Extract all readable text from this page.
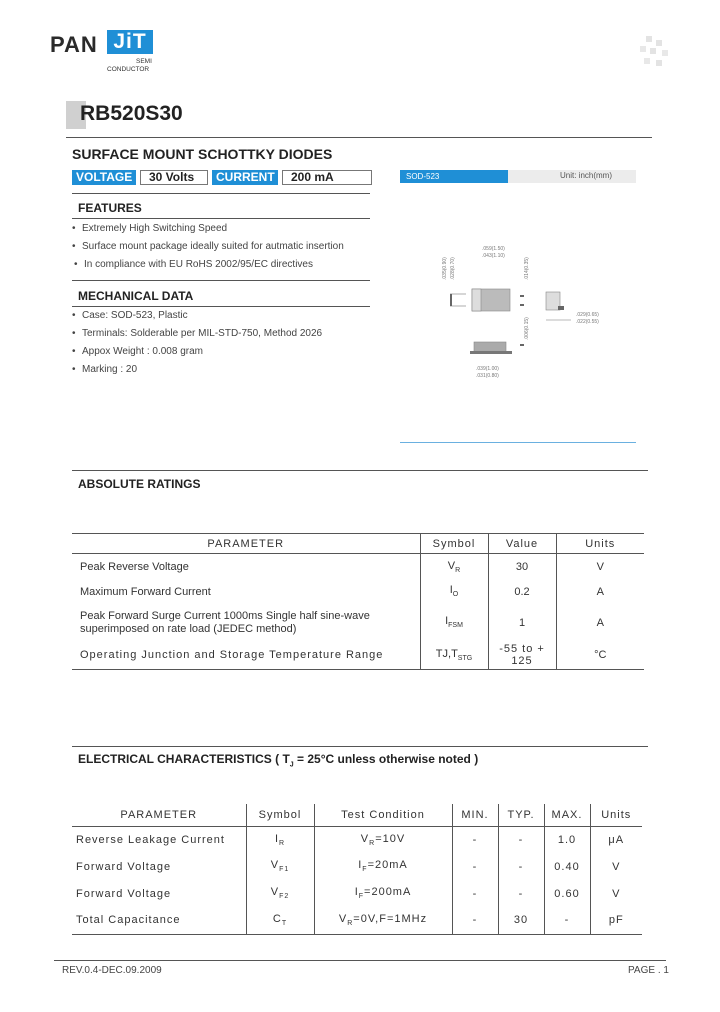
PAN JiT
SEMI
CONDUCTOR
RB520S30
SURFACE MOUNT SCHOTTKY DIODES
VOLTAGE	30 Volts	CURRENT	200 mA
FEATURES
• Extremely High Switching Speed
• Surface mount package ideally suited for autmatic insertion
• In compliance with EU RoHS 2002/95/EC directives
MECHANICAL DATA
• Case: SOD-523, Plastic
• Terminals: Solderable per MIL-STD-750, Method 2026
• Appox Weight : 0.008 gram
• Marking : 20
SOD-523	Unit: inch(mm)
.059(1.50)
.043(1.10)
.029(0.65)
.022(0.55)
.039(1.00)
.031(0.80)
.035(0.90) .028(0.70)	.014(0.35)
.006(0.15)
ABSOLUTE RATINGS
PARAMETER	Symbol	Value	Units
Peak Reverse Voltage	$V_R$	30	V
Maximum Forward Current	$I_O$	0.2	A
Peak Forward Surge Current 1000ms Single half sine-wave superimposed on rate load (JEDEC method)	$I_{FSM}$	1	A
Operating Junction and Storage Temperature Range	$TJ,T_{STG}$	-55 to + 125	°C
ELECTRICAL CHARACTERISTICS ( $T_J = 25^\circ C$ unless otherwise noted )
PARAMETER	Symbol	Test Condition	MIN.	TYP.	MAX.	Units
Reverse Leakage Current	$I_R$	$V_R=10V$	-	-	1.0	μA
Forward Voltage	$V_{F1}$	$I_F=20mA$	-	-	0.40	V
Forward Voltage	$V_{F2}$	$I_F=200mA$	-	-	0.60	V
Total Capacitance	$C_T$	$V_R=0V,F=1MHz$	-	30	-	pF
REV.0.4-DEC.09.2009	PAGE . 1
